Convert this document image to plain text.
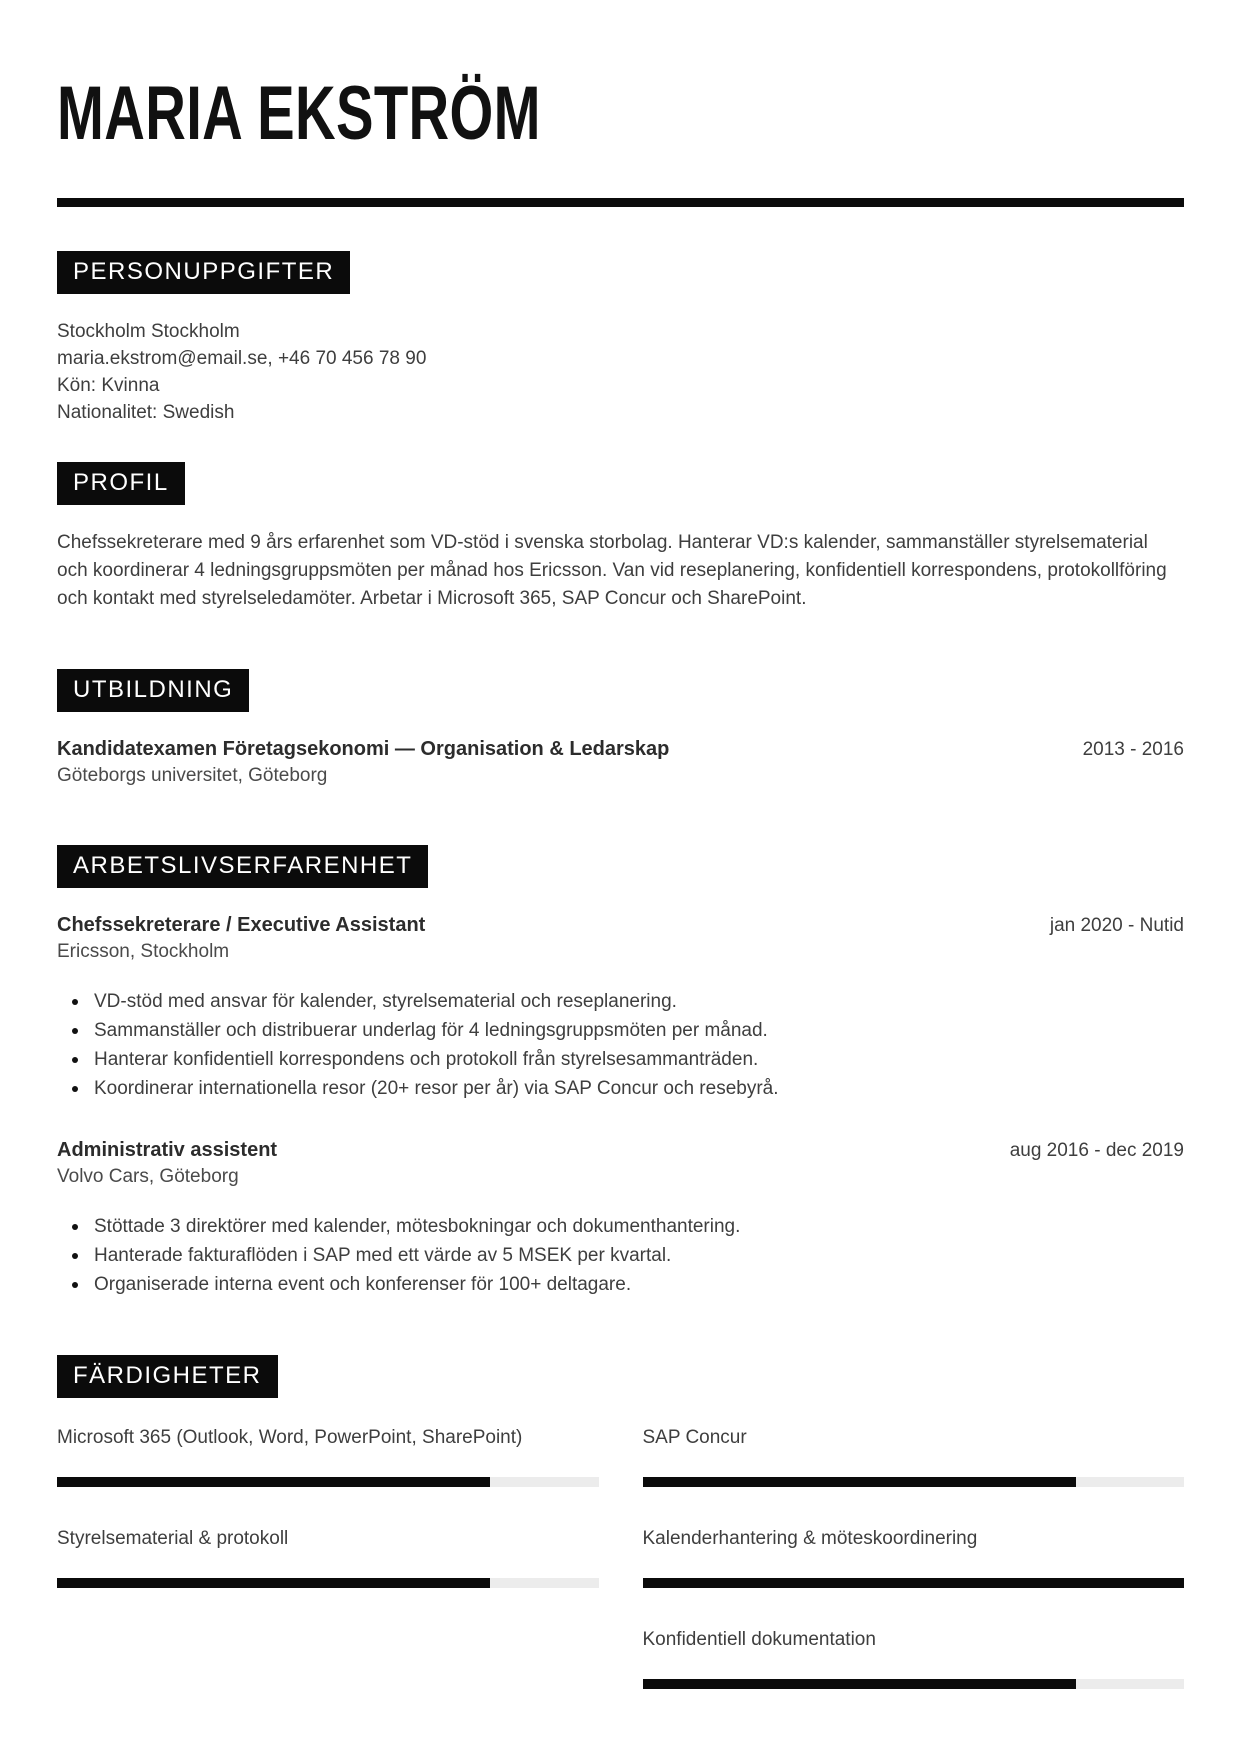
MARIA EKSTRÖM
PERSONUPPGIFTER
Stockholm Stockholm
maria.ekstrom@email.se, +46 70 456 78 90
Kön: Kvinna
Nationalitet: Swedish
PROFIL

Chefssekreterare med 9 års erfarenhet som VD-stöd i svenska storbolag. Hanterar VD:s kalender, sammanställer styrelsematerial och koordinerar 4 ledningsgruppsmöten per månad hos Ericsson. Van vid reseplanering, konfidentiell korrespondens, protokollföring och kontakt med styrelseledamöter. Arbetar i Microsoft 365, SAP Concur och SharePoint.

UTBILDNING
Kandidatexamen Företagsekonomi — Organisation & Ledarskap	2013 - 2016
Göteborgs universitet, Göteborg
ARBETSLIVSERFARENHET
Chefssekreterare / Executive Assistant	jan 2020 - Nutid
Ericsson, Stockholm
VD-stöd med ansvar för kalender, styrelsematerial och reseplanering.
Sammanställer och distribuerar underlag för 4 ledningsgruppsmöten per månad.
Hanterar konfidentiell korrespondens och protokoll från styrelsesammanträden.
Koordinerar internationella resor (20+ resor per år) via SAP Concur och resebyrå.
Administrativ assistent	aug 2016 - dec 2019
Volvo Cars, Göteborg
Stöttade 3 direktörer med kalender, mötesbokningar och dokumenthantering.
Hanterade fakturaflöden i SAP med ett värde av 5 MSEK per kvartal.
Organiserade interna event och konferenser för 100+ deltagare.
FÄRDIGHETER
Microsoft 365 (Outlook, Word, PowerPoint, SharePoint)
Styrelsematerial & protokoll
SAP Concur
Kalenderhantering & möteskoordinering
Konfidentiell dokumentation
